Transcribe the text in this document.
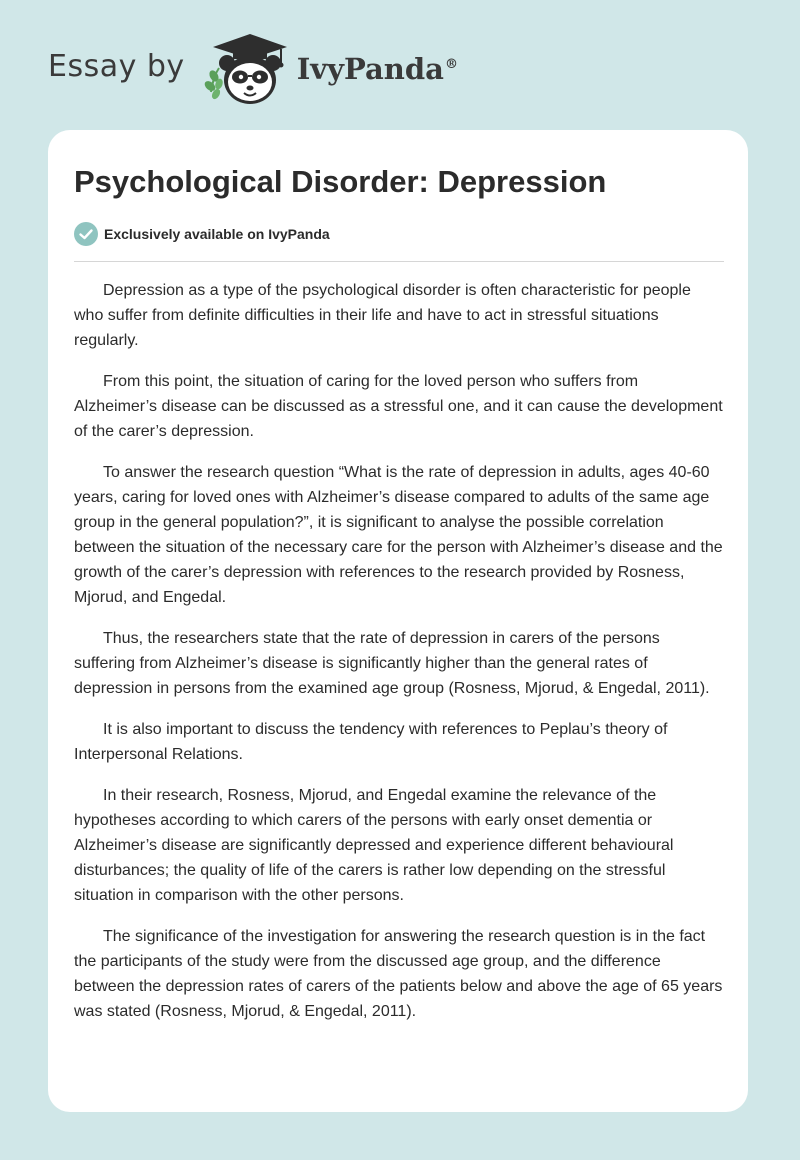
Essay by	IvyPanda®
Psychological Disorder: Depression
Exclusively available on IvyPanda

Depression as a type of the psychological disorder is often characteristic for people who suffer from definite difficulties in their life and have to act in stressful situations regularly.

From this point, the situation of caring for the loved person who suffers from Alzheimer’s disease can be discussed as a stressful one, and it can cause the development of the carer’s depression.

To answer the research question “What is the rate of depression in adults, ages 40-60 years, caring for loved ones with Alzheimer’s disease compared to adults of the same age group in the general population?”, it is significant to analyse the possible correlation between the situation of the necessary care for the person with Alzheimer’s disease and the growth of the carer’s depression with references to the research provided by Rosness, Mjorud, and Engedal.

Thus, the researchers state that the rate of depression in carers of the persons suffering from Alzheimer’s disease is significantly higher than the general rates of depression in persons from the examined age group (Rosness, Mjorud, & Engedal, 2011).

It is also important to discuss the tendency with references to Peplau’s theory of Interpersonal Relations.

In their research, Rosness, Mjorud, and Engedal examine the relevance of the hypotheses according to which carers of the persons with early onset dementia or Alzheimer’s disease are significantly depressed and experience different behavioural disturbances; the quality of life of the carers is rather low depending on the stressful situation in comparison with the other persons.

The significance of the investigation for answering the research question is in the fact the participants of the study were from the discussed age group, and the difference between the depression rates of carers of the patients below and above the age of 65 years was stated (Rosness, Mjorud, & Engedal, 2011).
